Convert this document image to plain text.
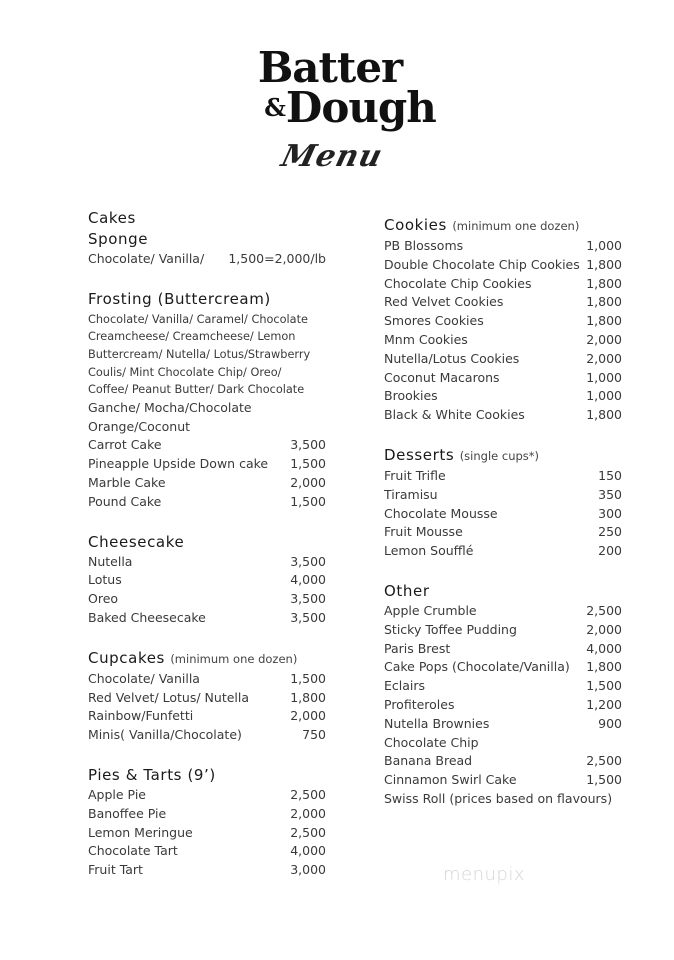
Batter
&Dough
Menu
Cakes
Sponge
Chocolate/ Vanilla/ 1,500=2,000/lb
Frosting (Buttercream)
Chocolate/ Vanilla/ Caramel/ Chocolate
Creamcheese/ Creamcheese/ Lemon
Buttercream/ Nutella/ Lotus/Strawberry
Coulis/ Mint Chocolate Chip/ Oreo/
Coffee/ Peanut Butter/ Dark Chocolate
Ganche/ Mocha/Chocolate
Orange/Coconut
Carrot Cake	3,500
Pineapple Upside Down cake 1,500
Marble Cake	2,000
Pound Cake	1,500
Cheesecake
Nutella	3,500
Lotus	4,000
Oreo	3,500
Baked Cheesecake	3,500
Cupcakes (minimum one dozen)
Chocolate/ Vanilla	1,500
Red Velvet/ Lotus/ Nutella	1,800
Rainbow/Funfetti	2,000
Minis( Vanilla/Chocolate)	750
Pies & Tarts (9’)
Apple Pie	2,500
Banoffee Pie	2,000
Lemon Meringue	2,500
Chocolate Tart	4,000
Fruit Tart	3,000
Cookies (minimum one dozen)
PB Blossoms	1,000
Double Chocolate Chip Cookies 1,800
Chocolate Chip Cookies	1,800
Red Velvet Cookies	1,800
Smores Cookies	1,800
Mnm Cookies	2,000
Nutella/Lotus Cookies	2,000
Coconut Macarons	1,000
Brookies	1,000
Black & White Cookies	1,800
Desserts (single cups*)
Fruit Trifle	150
Tiramisu	350
Chocolate Mousse	300
Fruit Mousse	250
Lemon Soufflé	200
Other
Apple Crumble	2,500
Sticky Toffee Pudding	2,000
Paris Brest	4,000
Cake Pops (Chocolate/Vanilla) 1,800
Eclairs	1,500
Profiteroles	1,200
Nutella Brownies	900
Chocolate Chip
Banana Bread	2,500
Cinnamon Swirl Cake	1,500
Swiss Roll (prices based on flavours)
menupix
